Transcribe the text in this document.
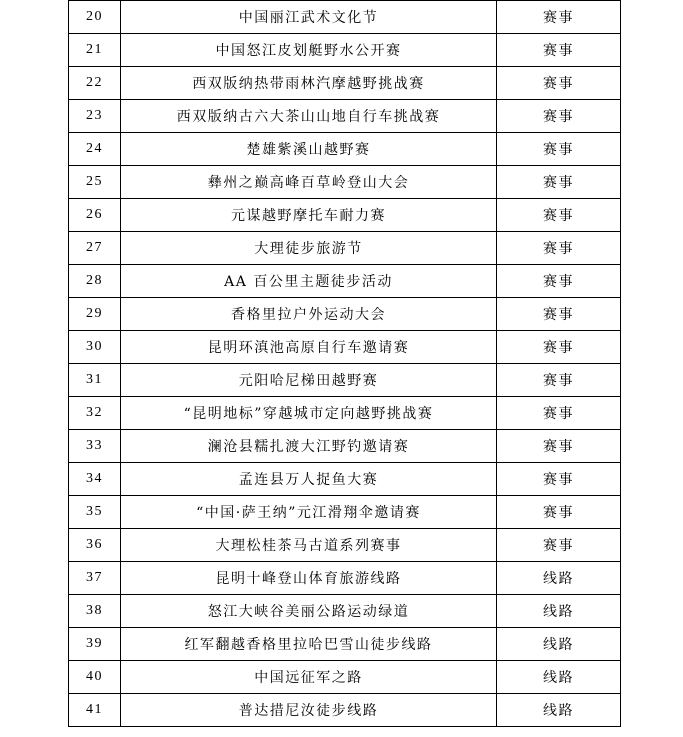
20	中国丽江武术文化节	赛事
21	中国怒江皮划艇野水公开赛	赛事
22	西双版纳热带雨林汽摩越野挑战赛	赛事
23	西双版纳古六大茶山山地自行车挑战赛	赛事
24	楚雄紫溪山越野赛	赛事
25	彝州之巅高峰百草岭登山大会	赛事
26	元谋越野摩托车耐力赛	赛事
27	大理徒步旅游节	赛事
28	AA 百公里主题徒步活动	赛事
29	香格里拉户外运动大会	赛事
30	昆明环滇池高原自行车邀请赛	赛事
31	元阳哈尼梯田越野赛	赛事
32	“昆明地标”穿越城市定向越野挑战赛	赛事
33	澜沧县糯扎渡大江野钓邀请赛	赛事
34	孟连县万人捉鱼大赛	赛事
35	“中国·萨王纳”元江滑翔伞邀请赛	赛事
36	大理松桂茶马古道系列赛事	赛事
37	昆明十峰登山体育旅游线路	线路
38	怒江大峡谷美丽公路运动绿道	线路
39	红军翻越香格里拉哈巴雪山徒步线路	线路
40	中国远征军之路	线路
41	普达措尼汝徒步线路	线路
